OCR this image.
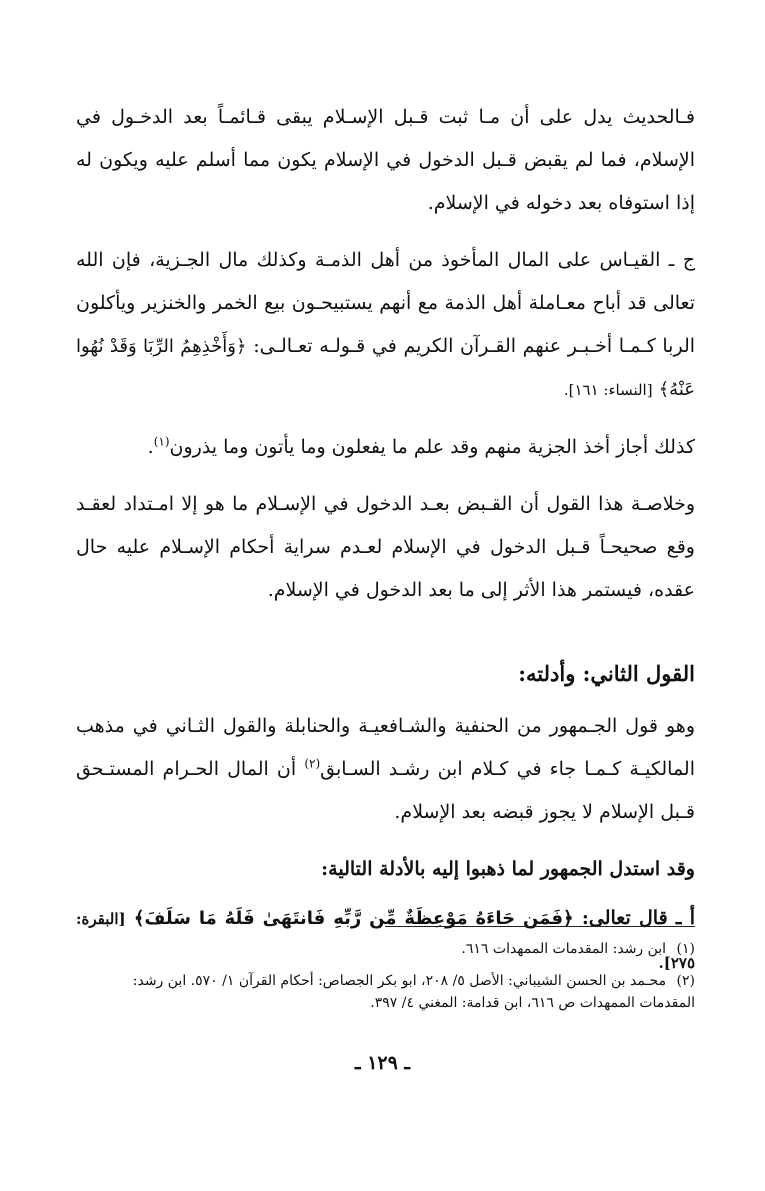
فـالحديث يدل على أن مـا ثبت قـبل الإسـلام يبقى قـائمـاً بعد الدخـول في الإسلام، فما لم يقبض قـبل الدخول في الإسلام يكون مما أسلم عليه ويكون له إذا استوفاه بعد دخوله في الإسلام.

ج ـ القيـاس على المال المأخوذ من أهل الذمـة وكذلك مال الجـزية، فإن الله تعالى قد أباح معـاملة أهل الذمة مع أنهم يستبيحـون بيع الخمر والخنزير ويأكلون الربا كـمـا أخـبـر عنهم القـرآن الكريم في قـولـه تعـالـى: ﴿وَأَخْذِهِمُ الرِّبَا وَقَدْ نُهُوا عَنْهُ﴾ [النساء: ١٦١].

كذلك أجاز أخذ الجزية منهم وقد علم ما يفعلون وما يأتون وما يذرون$^{(١)}$.

وخلاصـة هذا القول أن القـبض بعـد الدخول في الإسـلام ما هو إلا امـتداد لعقـد وقع صحيحـاً قـبل الدخول في الإسلام لعـدم سراية أحكام الإسـلام عليه حال عقده، فيستمر هذا الأثر إلى ما بعد الدخول في الإسلام.

القول الثاني: وأدلته:

وهو قول الجـمهور من الحنفية والشـافعيـة والحنابلة والقول الثـاني في مذهب المالكيـة كـمـا جاء في كـلام ابن رشـد السـابق$^{(٢)}$ أن المال الحـرام المستـحق قـبل الإسلام لا يجوز قبضه بعد الإسلام.

وقد استدل الجمهور لما ذهبوا إليه بالأدلة التالية:

أ ـ قال تعالى: ﴿فَمَن جَاءَهُ مَوْعِظَةٌ مِّن رَّبِّهِ فَانتَهَىٰ فَلَهُ مَا سَلَفَ﴾ [البقرة: ٢٧٥].

(١) ابن رشد: المقدمات الممهدات ٦١٦.
(٢) محـمد بن الحسن الشيباني: الأصل ٥/ ٢٠٨، ابو بكر الجصاص: أحكام القرآن ١/ ٥٧٠. ابن رشد: المقدمات الممهدات ص ٦١٦، ابن قدامة: المغني ٤/ ٣٩٧.
ـ ١٢٩ ـ
